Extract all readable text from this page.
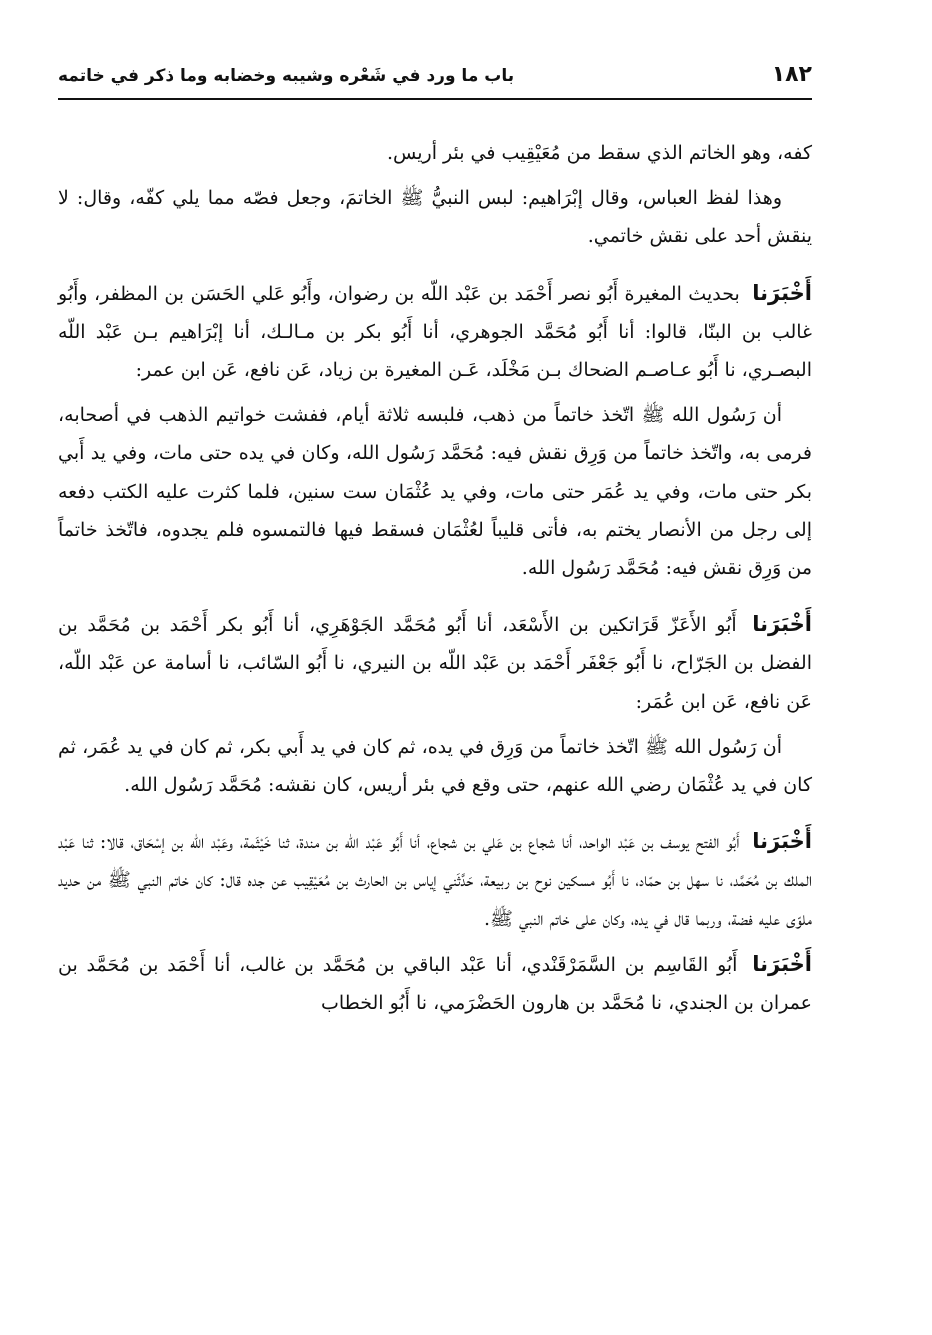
١٨٢
باب ما ورد في شَعْره وشيبه وخضابه وما ذكر في خاتمه

كفه، وهو الخاتم الذي سقط من مُعَيْقِيب في بئر أريس.

وهذا لفظ العباس، وقال إبْرَاهيم: لبس النبيُّ ﷺ الخاتمَ، وجعل فصّه مما يلي كفّه، وقال: لا ينقش أحد على نقش خاتمي.

أَخْبَرَنا بحديث المغيرة أَبُو نصر أَحْمَد بن عَبْد اللّه بن رضوان، وأَبُو عَلي الحَسَن بن المظفر، وأَبُو غالب بن البنّا، قالوا: أنا أَبُو مُحَمَّد الجوهري، أنا أَبُو بكر بن مـالـك، أنا إبْرَاهيم بـن عَبْد اللّه البصـري، نا أَبُو عـاصـم الضحاك بـن مَخْلَد، عَـن المغيرة بن زياد، عَن نافع، عَن ابن عمر:

أن رَسُول الله ﷺ اتّخذ خاتماً من ذهب، فلبسه ثلاثة أيام، ففشت خواتيم الذهب في أصحابه، فرمى به، واتّخذ خاتماً من وَرِق نقش فيه: مُحَمَّد رَسُول الله، وكان في يده حتى مات، وفي يد أَبي بكر حتى مات، وفي يد عُمَر حتى مات، وفي يد عُثْمَان ست سنين، فلما كثرت عليه الكتب دفعه إلى رجل من الأنصار يختم به، فأتى قليباً لعُثْمَان فسقط فيها فالتمسوه فلم يجدوه، فاتّخذ خاتماً من وَرِق نقش فيه: مُحَمَّد رَسُول الله.

أَخْبَرَنا أَبُو الأَعَزّ قَرَاتكين بن الأَسْعَد، أنا أَبُو مُحَمَّد الجَوْهَرِي، أنا أَبُو بكر أَحْمَد بن مُحَمَّد بن الفضل بن الجَرّاح، نا أَبُو جَعْفَر أَحْمَد بن عَبْد اللّه بن النيري، نا أَبُو السّائب، نا أسامة عن عَبْد اللّه، عَن نافع، عَن ابن عُمَر:

أن رَسُول الله ﷺ اتّخذ خاتماً من وَرِق في يده، ثم كان في يد أَبي بكر، ثم كان في يد عُمَر، ثم كان في يد عُثْمَان رضي الله عنهم، حتى وقع في بئر أريس، كان نقشه: مُحَمَّد رَسُول الله.

أَخْبَرَنا أَبُو الفتح يوسف بن عَبْد الواحد، أنا شجاع بن عَلي بن شجاع، أنا أَبُو عَبْد اللّه بن مندة، ثنا خَيْثَمة، وعَبْد اللّه بن إسْحَاق، قالا: ثنا عَبْد الملك بن مُحَمَّد، نا سهل بن حمّاد، نا أَبُو مسكين نوح بن ربيعة، حَدَّثَني إياس بن الحارث بن مُعَيْقِيب عن جده قال: كان خاتم النبي ﷺ من حديد ملوّى عليه فضة، وربما قال في يده، وكان على خاتم النبي ﷺ.

أَخْبَرَنا أَبُو القَاسِم بن السَّمَرْقَنْدي، أنا عَبْد الباقي بن مُحَمَّد بن غالب، أنا أَحْمَد بن مُحَمَّد بن عمران بن الجندي، نا مُحَمَّد بن هارون الحَضْرَمي، نا أَبُو الخطاب
